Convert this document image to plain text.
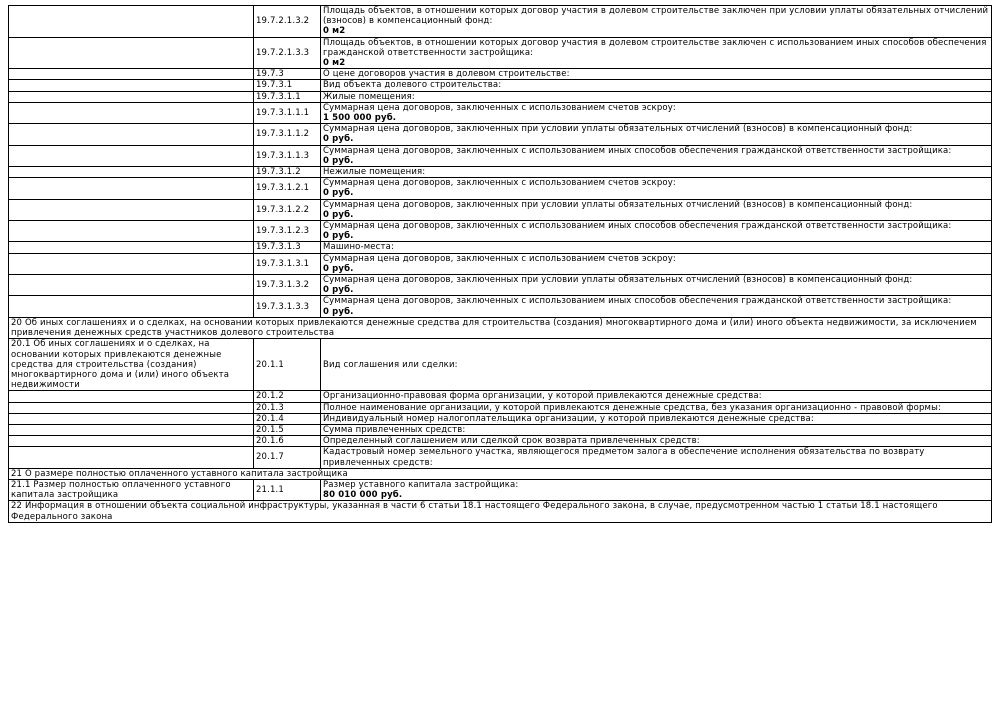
	19.7.2.1.3.2	Площадь объектов, в отношении которых договор участия в долевом строительстве заключен при условии уплаты обязательных отчислений (взносов) в компенсационный фонд:
0 м2

	19.7.2.1.3.3	Площадь объектов, в отношении которых договор участия в долевом строительстве заключен с использованием иных способов обеспечения гражданской ответственности застройщика:
0 м2

	19.7.3	О цене договоров участия в долевом строительстве:

	19.7.3.1	Вид объекта долевого строительства:

	19.7.3.1.1	Жилые помещения:

	19.7.3.1.1.1	Суммарная цена договоров, заключенных с использованием счетов эскроу:
1 500 000 руб.

	19.7.3.1.1.2	Суммарная цена договоров, заключенных при условии уплаты обязательных отчислений (взносов) в компенсационный фонд:
0 руб.

	19.7.3.1.1.3	Суммарная цена договоров, заключенных с использованием иных способов обеспечения гражданской ответственности застройщика:
0 руб.

	19.7.3.1.2	Нежилые помещения:

	19.7.3.1.2.1	Суммарная цена договоров, заключенных с использованием счетов эскроу:
0 руб.

	19.7.3.1.2.2	Суммарная цена договоров, заключенных при условии уплаты обязательных отчислений (взносов) в компенсационный фонд:
0 руб.

	19.7.3.1.2.3	Суммарная цена договоров, заключенных с использованием иных способов обеспечения гражданской ответственности застройщика:
0 руб.

	19.7.3.1.3	Машино-места:

	19.7.3.1.3.1	Суммарная цена договоров, заключенных с использованием счетов эскроу:
0 руб.

	19.7.3.1.3.2	Суммарная цена договоров, заключенных при условии уплаты обязательных отчислений (взносов) в компенсационный фонд:
0 руб.

	19.7.3.1.3.3	Суммарная цена договоров, заключенных с использованием иных способов обеспечения гражданской ответственности застройщика:
0 руб.

20 Об иных соглашениях и о сделках, на основании которых привлекаются денежные средства для строительства (создания) многоквартирного дома и (или) иного объекта недвижимости, за исключением привлечения денежных средств участников долевого строительства		
20.1 Об иных соглашениях и о сделках, на основании которых привлекаются денежные средства для строительства (создания) многоквартирного дома и (или) иного объекта недвижимости	20.1.1	Вид соглашения или сделки:
	20.1.2	Организационно-правовая форма организации, у которой привлекаются денежные средства:
	20.1.3	Полное наименование организации, у которой привлекаются денежные средства, без указания организационно - правовой формы:
	20.1.4	Индивидуальный номер налогоплательщика организации, у которой привлекаются денежные средства:
	20.1.5	Сумма привлеченных средств:
	20.1.6	Определенный соглашением или сделкой срок возврата привлеченных средств:
	20.1.7	Кадастровый номер земельного участка, являющегося предметом залога в обеспечение исполнения обязательства по возврату привлеченных средств:
21 О размере полностью оплаченного уставного капитала застройщика		
21.1 Размер полностью оплаченного уставного капитала застройщика	21.1.1	Размер уставного капитала застройщика:
80 010 000 руб.

22 Информация в отношении объекта социальной инфраструктуры, указанная в части 6 статьи 18.1 настоящего Федерального закона, в случае, предусмотренном частью 1 статьи 18.1 настоящего Федерального закона		
